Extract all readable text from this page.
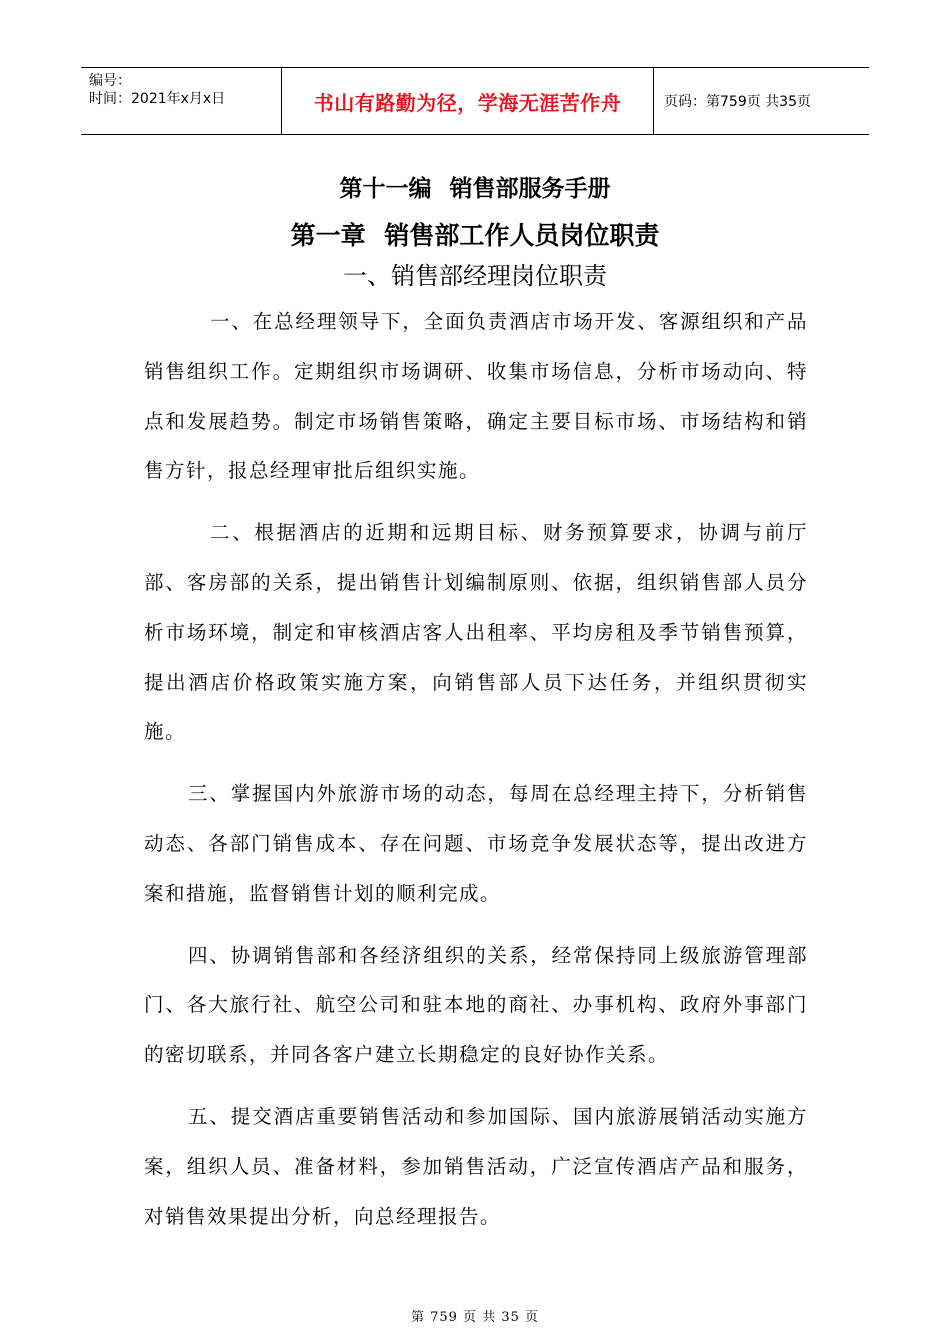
编号：
时间：2021年x月x日	书山有路勤为径，学海无涯苦作舟	页码：第759页 共35页
第十一编 销售部服务手册
第一章 销售部工作人员岗位职责
一、销售部经理岗位职责

一、在总经理领导下，全面负责酒店市场开发、客源组织和产品销售组织工作。定期组织市场调研、收集市场信息，分析市场动向、特点和发展趋势。制定市场销售策略，确定主要目标市场、市场结构和销售方针，报总经理审批后组织实施。

二、根据酒店的近期和远期目标、财务预算要求，协调与前厅部、客房部的关系，提出销售计划编制原则、依据，组织销售部人员分析市场环境，制定和审核酒店客人出租率、平均房租及季节销售预算，提出酒店价格政策实施方案，向销售部人员下达任务，并组织贯彻实施。

三、掌握国内外旅游市场的动态，每周在总经理主持下，分析销售动态、各部门销售成本、存在问题、市场竞争发展状态等，提出改进方案和措施，监督销售计划的顺利完成。

四、协调销售部和各经济组织的关系，经常保持同上级旅游管理部门、各大旅行社、航空公司和驻本地的商社、办事机构、政府外事部门的密切联系，并同各客户建立长期稳定的良好协作关系。

五、提交酒店重要销售活动和参加国际、国内旅游展销活动实施方案，组织人员、准备材料，参加销售活动，广泛宣传酒店产品和服务，对销售效果提出分析，向总经理报告。

第 759 页 共 35 页
